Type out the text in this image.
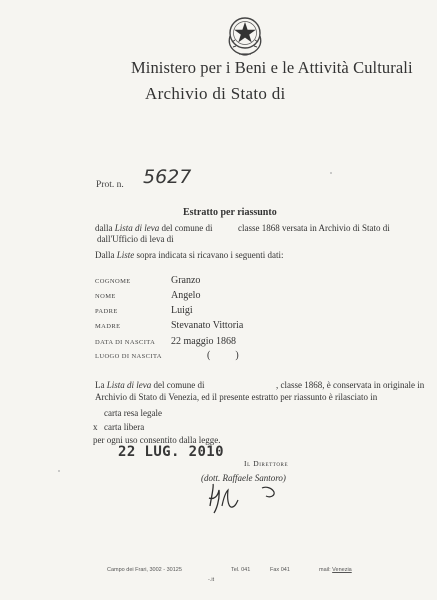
Ministero per i Beni e le Attività Culturali
Archivio di Stato di
Prot. n. 5627
Estratto per riassunto
dalla Lista di leva del comune di	classe 1868 versata in Archivio di Stato di
dall'Ufficio di leva di
Dalla Liste sopra indicata si ricavano i seguenti dati:
COGNOME	Granzo
NOME	Angelo
PADRE	Luigi
MADRE	Stevanato Vittoria
DATA DI NASCITA 22 maggio 1868
LUOGO DI NASCITA	(          )
La Lista di leva del comune di	, classe 1868, è conservata in originale in
Archivio di Stato di Venezia, ed il presente estratto per riassunto è rilasciato in
carta resa legale
x carta libera
per ogni uso consentito dalla legge.
22 LUG. 2010
Il Direttore
(dott. Raffaele Santoro)
Campo dei Frari, 3002 - 30125	Tel. 041	Fax 041	mail: Venezia
-.it
